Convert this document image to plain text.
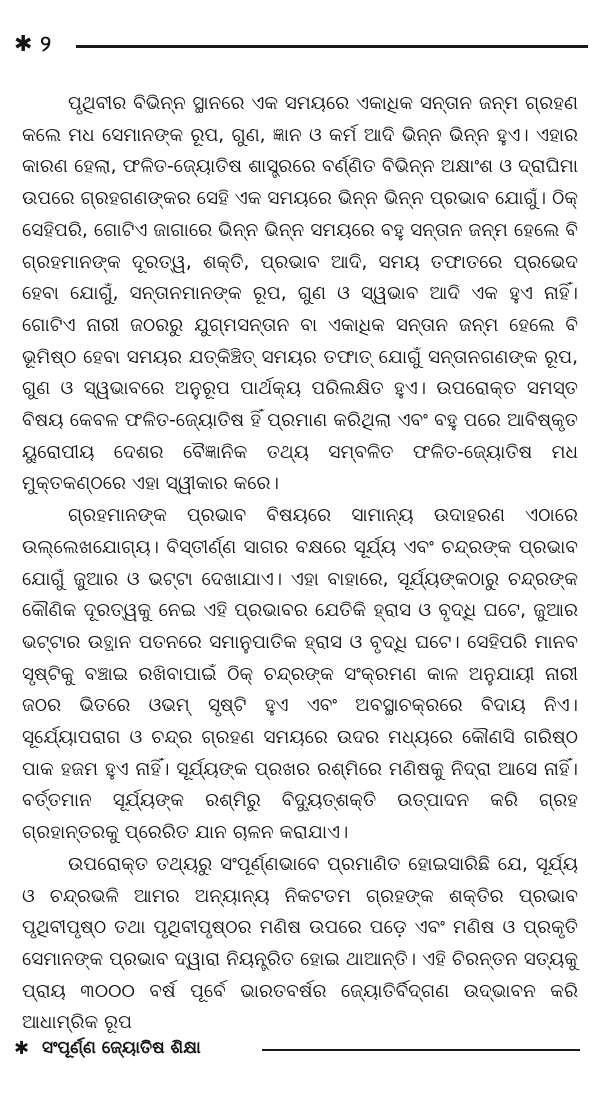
✱ ୨

ପୃଥିବୀର ବିଭିନ୍ନ ସ୍ଥାନରେ ଏକ ସମୟରେ ଏକାଧିକ ସନ୍ତାନ ଜନ୍ମ ଗ୍ରହଣ କଲେ ମଧ ସେମାନଙ୍କ ରୂପ, ଗୁଣ, ଜ୍ଞାନ ଓ କର୍ମ ଆଦି ଭିନ୍ନ ଭିନ୍ନ ହୁଏ। ଏହାର କାରଣ ହେଲା, ଫଳିତ-ଜ୍ୟୋତିଷ ଶାସ୍ତ୍ରରେ ବର୍ଣ୍ଣିତ ବିଭିନ୍ନ ଅକ୍ଷାଂଶ ଓ ଦ୍ରାଘିମା ଉପରେ ଗ୍ରହଗଣଙ୍କର ସେହି ଏକ ସମୟରେ ଭିନ୍ନ ଭିନ୍ନ ପ୍ରଭାବ ଯୋଗୁଁ। ଠିକ୍ ସେହିପରି, ଗୋଟିଏ ଜାଗାରେ ଭିନ୍ନ ଭିନ୍ନ ସମୟରେ ବହୁ ସନ୍ତାନ ଜନ୍ମ ହେଲେ ବି ଗ୍ରହମାନଙ୍କ ଦୂରତ୍ୱ, ଶକ୍ତି, ପ୍ରଭାବ ଆଦି, ସମୟ ତଫାତରେ ପ୍ରଭେଦ ହେବା ଯୋଗୁଁ, ସନ୍ତାନମାନଙ୍କ ରୂପ, ଗୁଣ ଓ ସ୍ୱଭାବ ଆଦି ଏକ ହୁଏ ନାହିଁ। ଗୋଟିଏ ନାରୀ ଜଠରରୁ ଯୁଗ୍ମସନ୍ତାନ ବା ଏକାଧିକ ସନ୍ତାନ ଜନ୍ମ ହେଲେ ବି ଭୂମିଷ୍ଠ ହେବା ସମୟର ଯତ୍କିଞ୍ଚିତ୍ ସମୟର ତଫାତ୍ ଯୋଗୁଁ ସନ୍ତାନଗଣଙ୍କ ରୂପ, ଗୁଣ ଓ ସ୍ୱଭାବରେ ଅନୁରୂପ ପାର୍ଥକ୍ୟ ପରିଲକ୍ଷିତ ହୁଏ। ଉପରୋକ୍ତ ସମସ୍ତ ବିଷୟ କେବଳ ଫଳିତ-ଜ୍ୟୋତିଷ ହିଁ ପ୍ରମାଣ କରିଥିଲା ଏବଂ ବହୁ ପରେ ଆବିଷ୍କୃତ ୟୁରୋପୀୟ ଦେଶର ବୈଜ୍ଞାନିକ ତଥ୍ୟ ସମ୍ବଳିତ ଫଳିତ-ଜ୍ୟୋତିଷ ମଧ ମୁକ୍ତକଣ୍ଠରେ ଏହା ସ୍ୱୀକାର କରେ।

ଗ୍ରହମାନଙ୍କ ପ୍ରଭାବ ବିଷୟରେ ସାମାନ୍ୟ ଉଦାହରଣ ଏଠାରେ ଉଲ୍ଲେଖଯୋଗ୍ୟ। ବିସ୍ତୀର୍ଣ୍ଣ ସାଗର ବକ୍ଷରେ ସୂର୍ଯ୍ୟ ଏବଂ ଚନ୍ଦ୍ରଙ୍କ ପ୍ରଭାବ ଯୋଗୁଁ ଜୁଆର ଓ ଭଟ୍ଟା ଦେଖାଯାଏ। ଏହା ବାହାରେ, ସୂର୍ଯ୍ୟଙ୍କଠାରୁ ଚନ୍ଦ୍ରଙ୍କ କୌଣିକ ଦୂରତ୍ୱକୁ ନେଇ ଏହି ପ୍ରଭାବର ଯେତିକି ହ୍ରାସ ଓ ବୃଦ୍ଧି ଘଟେ, ଜୁଆର ଭଟ୍ଟାର ଉତ୍ଥାନ ପତନରେ ସମାନୁପାତିକ ହ୍ରାସ ଓ ବୃଦ୍ଧି ଘଟେ। ସେହିପରି ମାନବ ସୃଷ୍ଟିକୁ ବଞ୍ଚାଇ ରଖିବାପାଇଁ ଠିକ୍ ଚନ୍ଦ୍ରଙ୍କ ସଂକ୍ରମଣ କାଳ ଅନୁଯାୟୀ ନାରୀ ଜଠର ଭିତରେ ଓଭମ୍ ସୃଷ୍ଟି ହୁଏ ଏବଂ ଅବସ୍ଥାଚକ୍ରରେ ବିଦାୟ ନିଏ। ସୂର୍ଯ୍ୟୋପରାଗ ଓ ଚନ୍ଦ୍ର ଗ୍ରହଣ ସମୟରେ ଉଦର ମଧ୍ୟରେ କୌଣସି ଗରିଷ୍ଠ ପାକ ହଜମ ହୁଏ ନାହିଁ। ସୂର୍ଯ୍ୟଙ୍କ ପ୍ରଖର ରଶ୍ମିରେ ମଣିଷକୁ ନିଦ୍ରା ଆସେ ନାହିଁ। ବର୍ତ୍ତମାନ ସୂର୍ଯ୍ୟଙ୍କ ରଶ୍ମିରୁ ବିଦ୍ୟୁତ୍‌ଶକ୍ତି ଉତ୍ପାଦନ କରି ଗ୍ରହ ଗ୍ରହାନ୍ତରକୁ ପ୍ରେରିତ ଯାନ ଚାଳନ କରାଯାଏ।

ଉପରୋକ୍ତ ତଥ୍ୟରୁ ସଂପୂର୍ଣ୍ଣଭାବେ ପ୍ରମାଣିତ ହୋଇସାରିଛି ଯେ, ସୂର୍ଯ୍ୟ ଓ ଚନ୍ଦ୍ରଭଳି ଆମର ଅନ୍ୟାନ୍ୟ ନିକଟତମ ଗ୍ରହଙ୍କ ଶକ୍ତିର ପ୍ରଭାବ ପୃଥିବୀପୃଷ୍ଠ ତଥା ପୃଥିବୀପୃଷ୍ଠର ମଣିଷ ଉପରେ ପଡ଼େ ଏବଂ ମଣିଷ ଓ ପ୍ରକୃତି ସେମାନଙ୍କ ପ୍ରଭାବ ଦ୍ୱାରା ନିୟନ୍ତ୍ରିତ ହୋଇ ଥାଆନ୍ତି। ଏହି ଚିରନ୍ତନ ସତ୍ୟକୁ ପ୍ରାୟ ୩୦୦୦ ବର୍ଷ ପୂର୍ବେ ଭାରତବର୍ଷର ଜ୍ୟୋତିର୍ବିଦ୍‌ଗଣ ଉଦ୍ଭାବନ କରି ଆଧାମ୍ରିକ ରୂପ

✱ ସଂପୂର୍ଣ୍ଣ ଜ୍ୟୋତିଷ ଶିକ୍ଷା
